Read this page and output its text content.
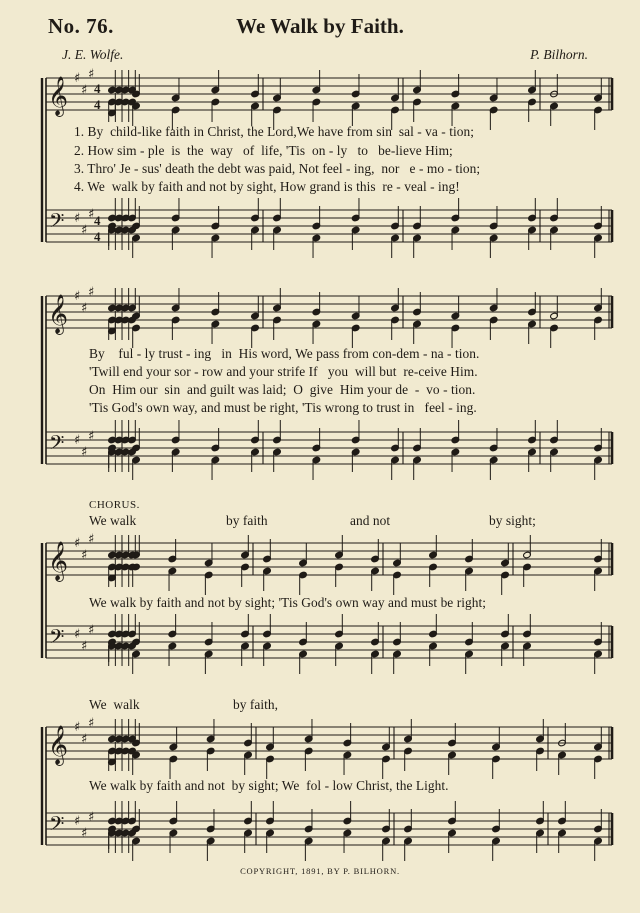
No. 76.	We Walk by Faith.
J. E. Wolfe.	P. Bilhorn.
𝄞
𝄢
♯
♯
♯
♯
♯
♯
4
4
4
4
𝄞
𝄢
♯
♯
♯
♯
♯
♯
𝄞
𝄢
♯
♯
♯
♯
♯
♯
𝄞
𝄢
♯
♯
♯
♯
♯
♯
1. By  child-like faith in Christ, the Lord,We have from sin  sal - va - tion;
2. How sim - ple  is  the  way   of  life, 'Tis  on - ly   to   be-lieve Him;
3. Thro' Je - sus' death the debt was paid, Not feel - ing,  nor   e - mo - tion;
4. We  walk by faith and not by sight, How grand is this  re - veal - ing!
By    ful - ly trust - ing   in  His word, We pass from con-dem - na - tion.
'Twill end your sor - row and your strife If   you  will but  re-ceive Him.
On  Him our  sin  and guilt was laid;  O  give  Him your de  -  vo - tion.
'Tis God's own way, and must be right, 'Tis wrong to trust in   feel - ing.
CHORUS.
We walk	by faith	and not	by sight;
We walk by faith and not by sight; 'Tis God's own way and must be right;
We  walk	by faith,
We walk by faith and not  by sight; We  fol - low Christ, the Light.
COPYRIGHT, 1891, BY P. BILHORN.
